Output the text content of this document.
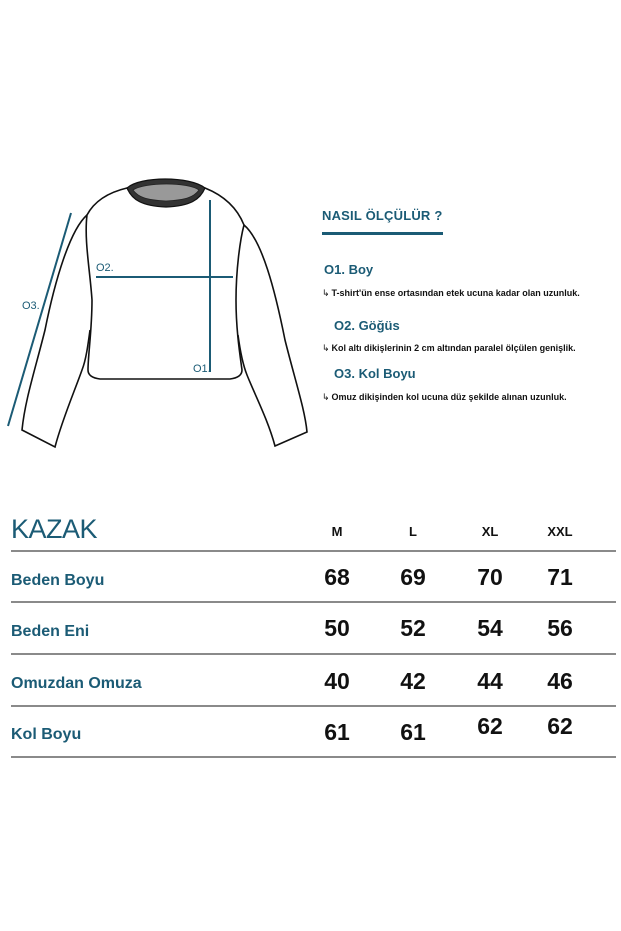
O2.
O3.
O1.
NASIL ÖLÇÜLÜR ?
O1. Boy
↳ T-shirt'ün ense ortasından etek ucuna kadar olan uzunluk.
O2. Göğüs
↳ Kol altı dikişlerinin 2 cm altından paralel ölçülen genişlik.
O3. Kol Boyu
↳ Omuz dikişinden kol ucuna düz şekilde alınan uzunluk.
KAZAK	M	L	XL	XXL
Beden Boyu	68	69	70	71
Beden Eni	50	52	54	56
Omuzdan Omuza	40	42	44	46
Kol Boyu	61	61	62	62
